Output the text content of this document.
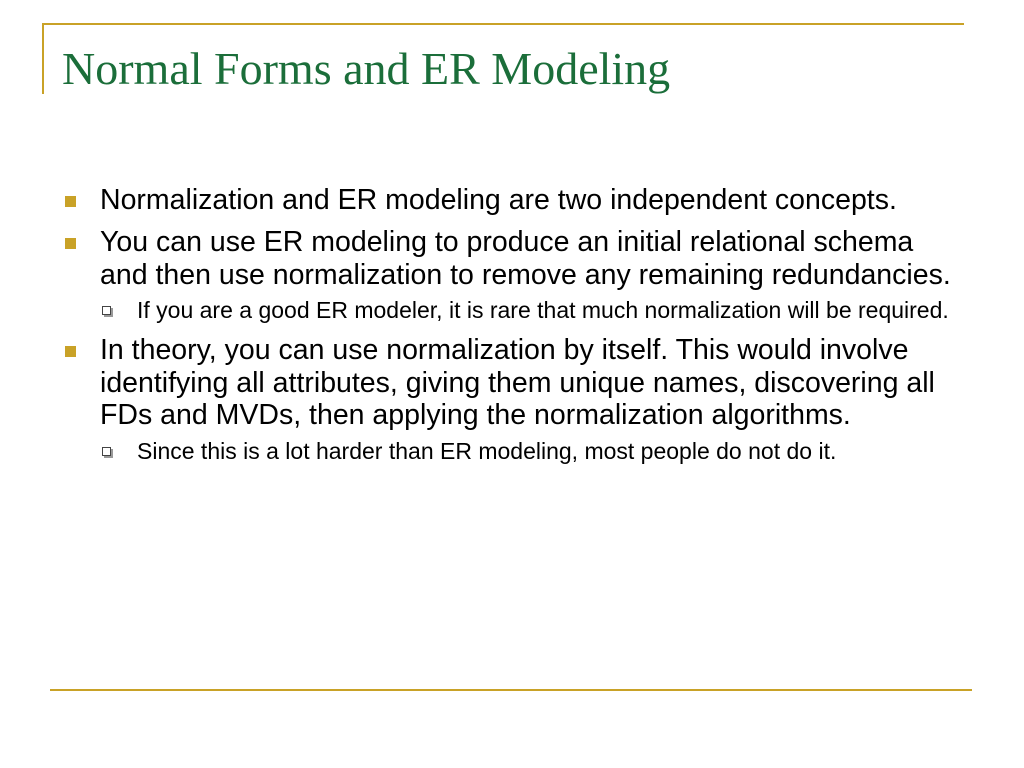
Normal Forms and ER Modeling
Normalization and ER modeling are two independent concepts.
You can use ER modeling to produce an initial relational schema and then use normalization to remove any remaining redundancies.
If you are a good ER modeler, it is rare that much normalization will be required.
In theory, you can use normalization by itself. This would involve identifying all attributes, giving them unique names, discovering all FDs and MVDs, then applying the normalization algorithms.
Since this is a lot harder than ER modeling, most people do not do it.
